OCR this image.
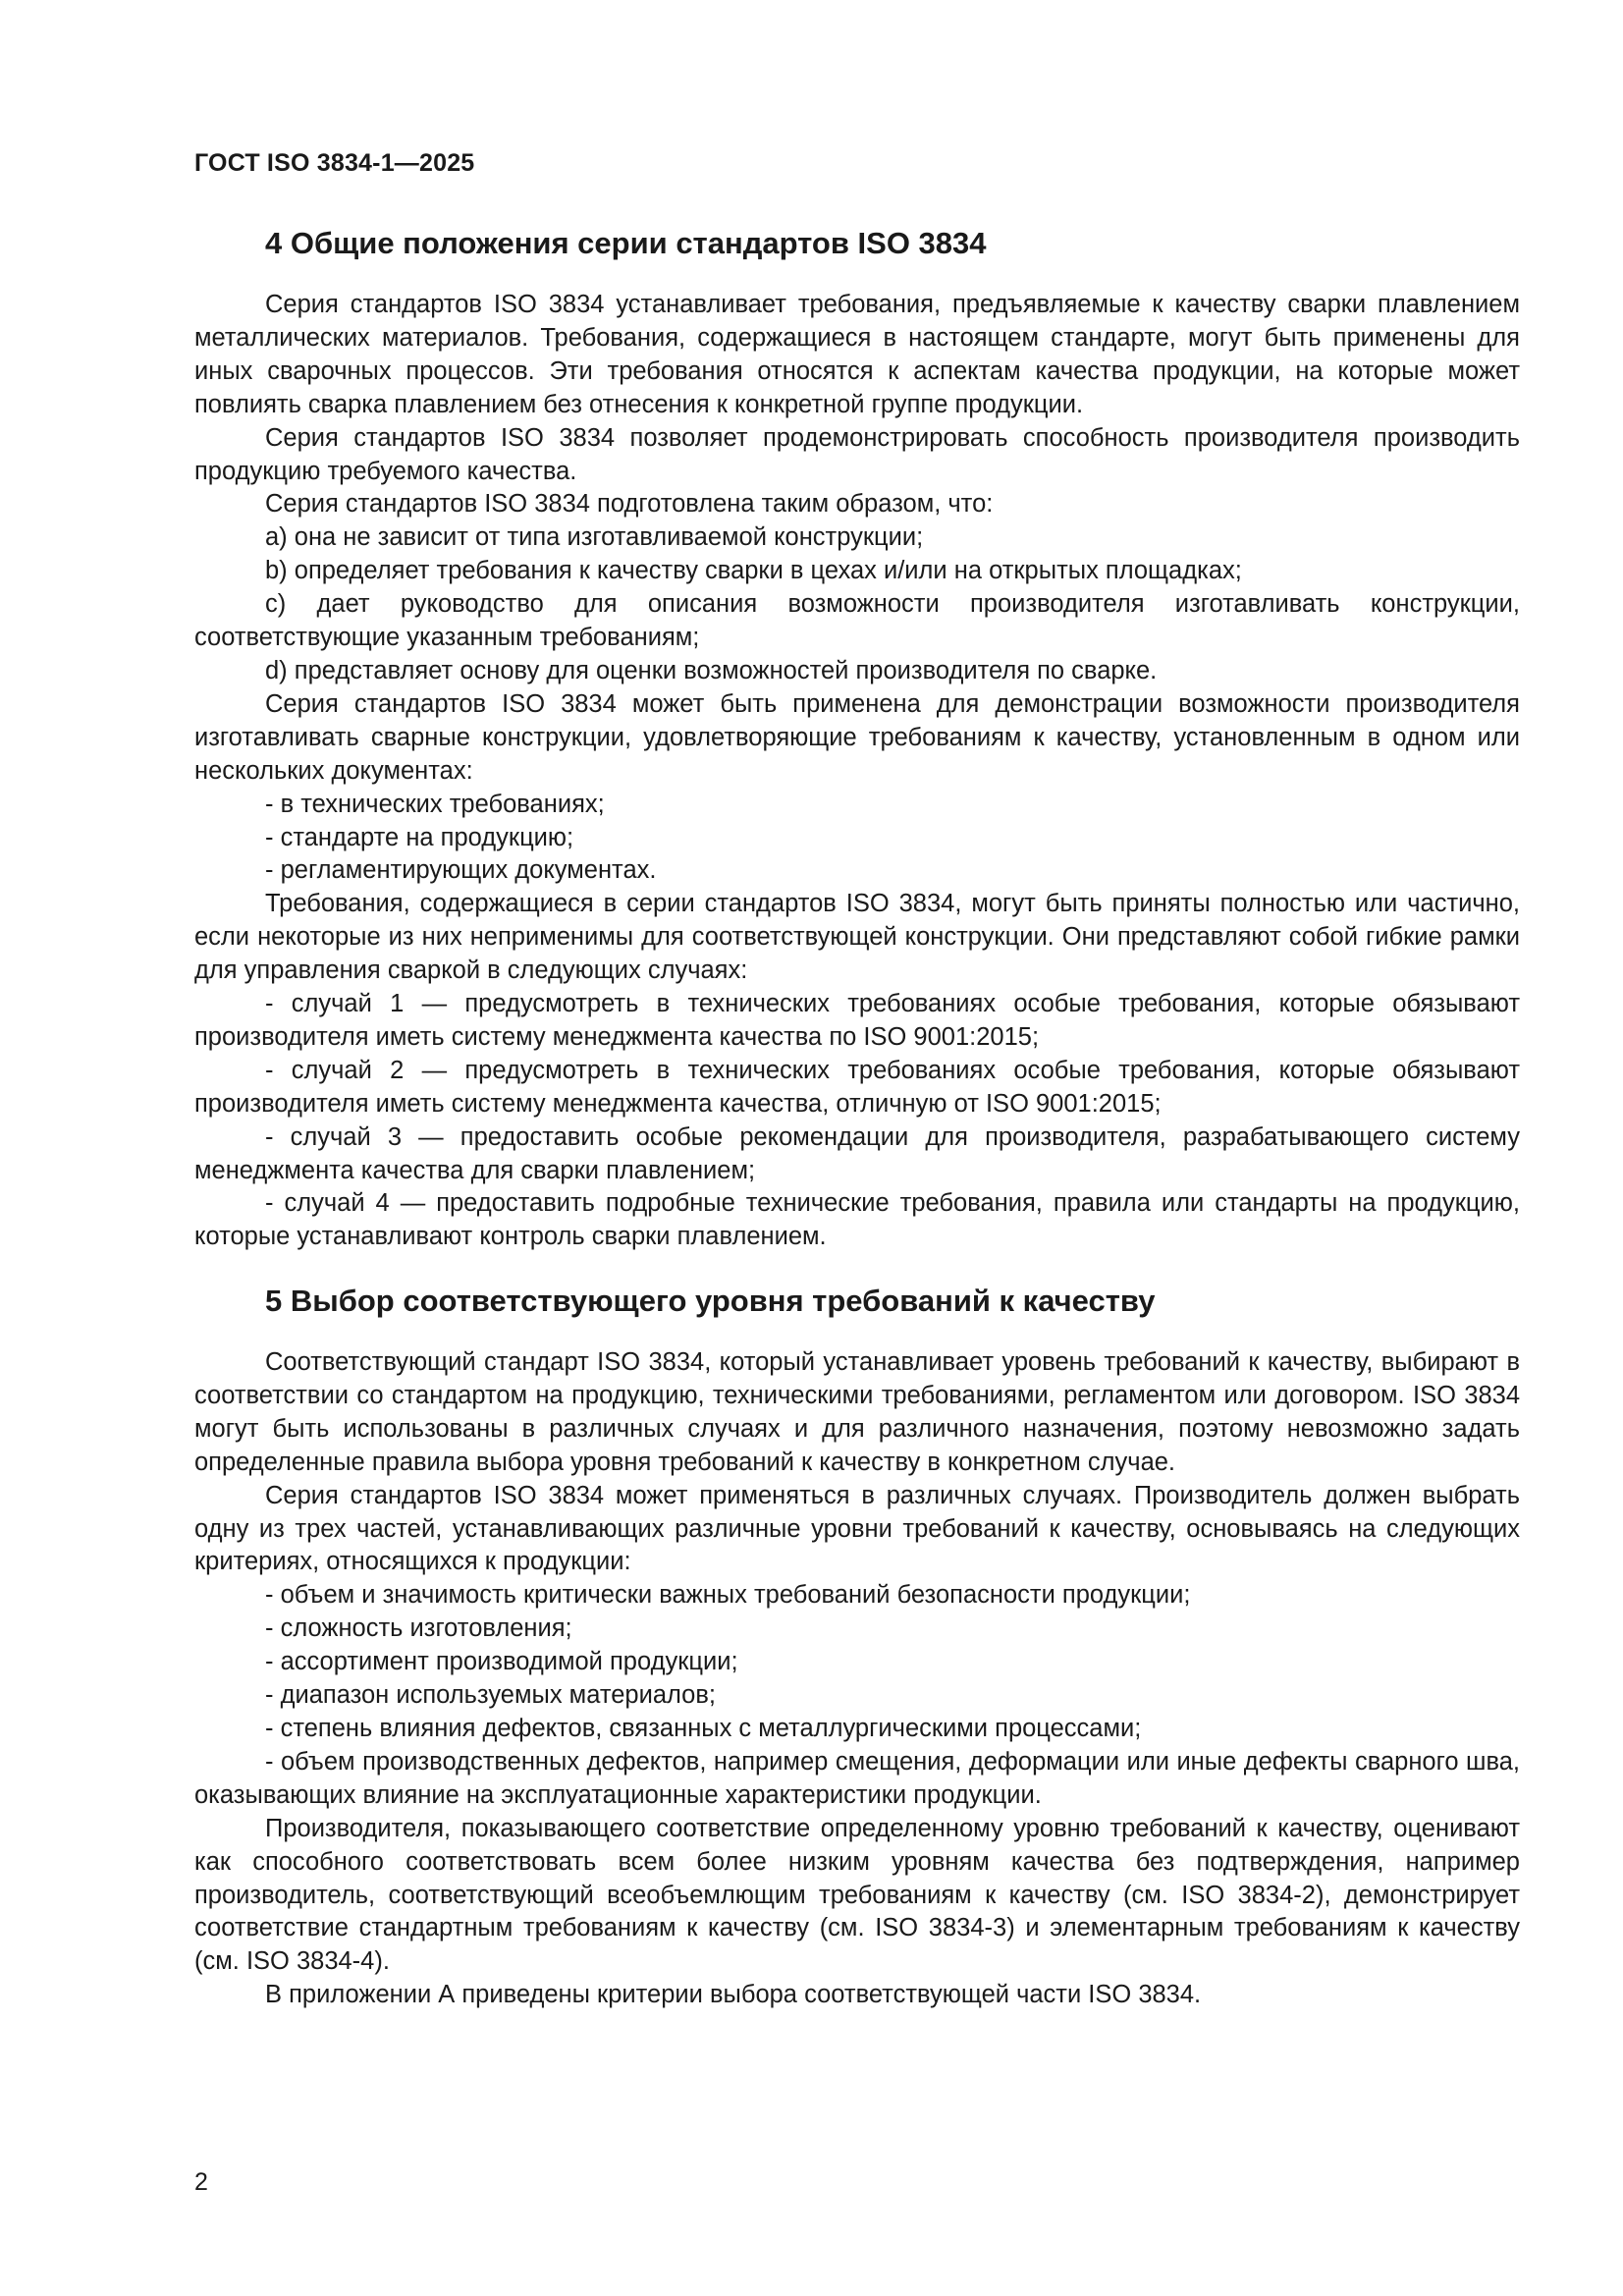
ГОСТ ISO 3834-1—2025
4 Общие положения серии стандартов ISO 3834

Серия стандартов ISO 3834 устанавливает требования, предъявляемые к качеству сварки плавлением металлических материалов. Требования, содержащиеся в настоящем стандарте, могут быть применены для иных сварочных процессов. Эти требования относятся к аспектам качества продукции, на которые может повлиять сварка плавлением без отнесения к конкретной группе продукции.

Серия стандартов ISO 3834 позволяет продемонстрировать способность производителя производить продукцию требуемого качества.

Серия стандартов ISO 3834 подготовлена таким образом, что:

a) она не зависит от типа изготавливаемой конструкции;

b) определяет требования к качеству сварки в цехах и/или на открытых площадках;

c) дает руководство для описания возможности производителя изготавливать конструкции, соответствующие указанным требованиям;

d) представляет основу для оценки возможностей производителя по сварке.

Серия стандартов ISO 3834 может быть применена для демонстрации возможности производителя изготавливать сварные конструкции, удовлетворяющие требованиям к качеству, установленным в одном или нескольких документах:

- в технических требованиях;

- стандарте на продукцию;

- регламентирующих документах.

Требования, содержащиеся в серии стандартов ISO 3834, могут быть приняты полностью или частично, если некоторые из них неприменимы для соответствующей конструкции. Они представляют собой гибкие рамки для управления сваркой в следующих случаях:

- случай 1 — предусмотреть в технических требованиях особые требования, которые обязывают производителя иметь систему менеджмента качества по ISO 9001:2015;

- случай 2 — предусмотреть в технических требованиях особые требования, которые обязывают производителя иметь систему менеджмента качества, отличную от ISO 9001:2015;

- случай 3 — предоставить особые рекомендации для производителя, разрабатывающего систему менеджмента качества для сварки плавлением;

- случай 4 — предоставить подробные технические требования, правила или стандарты на продукцию, которые устанавливают контроль сварки плавлением.

5 Выбор соответствующего уровня требований к качеству

Соответствующий стандарт ISO 3834, который устанавливает уровень требований к качеству, выбирают в соответствии со стандартом на продукцию, техническими требованиями, регламентом или договором. ISO 3834 могут быть использованы в различных случаях и для различного назначения, поэтому невозможно задать определенные правила выбора уровня требований к качеству в конкретном случае.

Серия стандартов ISO 3834 может применяться в различных случаях. Производитель должен выбрать одну из трех частей, устанавливающих различные уровни требований к качеству, основываясь на следующих критериях, относящихся к продукции:

- объем и значимость критически важных требований безопасности продукции;

- сложность изготовления;

- ассортимент производимой продукции;

- диапазон используемых материалов;

- степень влияния дефектов, связанных с металлургическими процессами;

- объем производственных дефектов, например смещения, деформации или иные дефекты сварного шва, оказывающих влияние на эксплуатационные характеристики продукции.

Производителя, показывающего соответствие определенному уровню требований к качеству, оценивают как способного соответствовать всем более низким уровням качества без подтверждения, например производитель, соответствующий всеобъемлющим требованиям к качеству (см. ISO 3834-2), демонстрирует соответствие стандартным требованиям к качеству (см. ISO 3834-3) и элементарным требованиям к качеству (см. ISO 3834-4).

В приложении А приведены критерии выбора соответствующей части ISO 3834.

2
